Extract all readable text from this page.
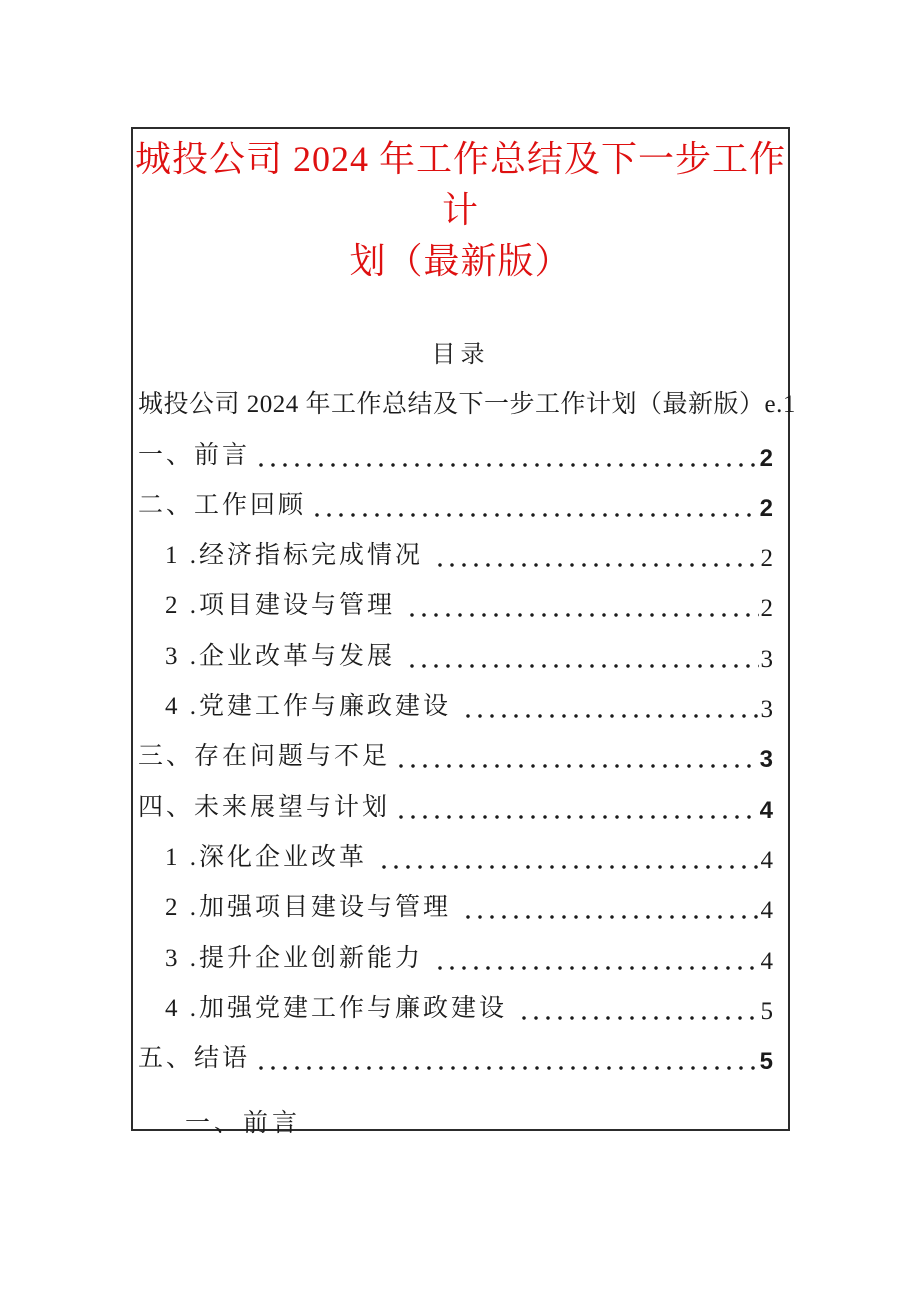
城投公司 2024 年工作总结及下一步工作计
划（最新版）
目录
城投公司 2024 年工作总结及下一步工作计划（最新版）e.1
一、前言	2
二、工作回顾	2
1 .经济指标完成情况	2
2 .项目建设与管理	2
3 .企业改革与发展	3
4 .党建工作与廉政建设	3
三、存在问题与不足	3
四、未来展望与计划	4
1 .深化企业改革	4
2 .加强项目建设与管理	4
3 .提升企业创新能力	4
4 .加强党建工作与廉政建设	5
五、结语	5
一、前言
